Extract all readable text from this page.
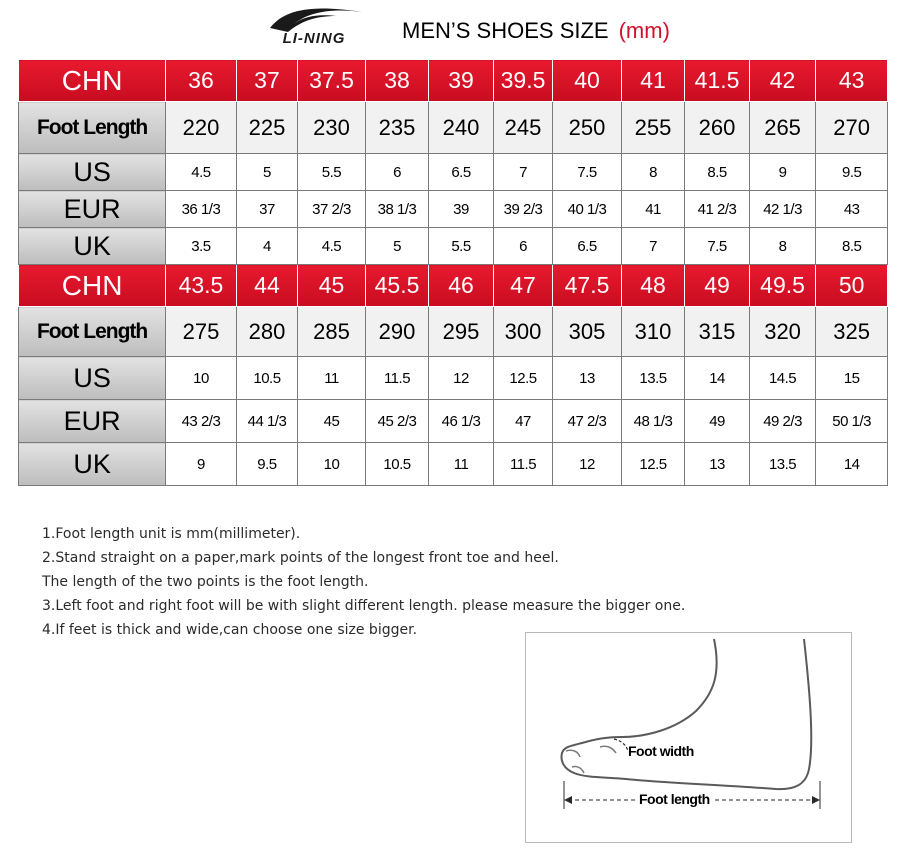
LI-NING	MEN’S SHOES SIZE (mm)
CHN	36	37	37.5	38	39	39.5	40	41	41.5	42	43
Foot Length	220	225	230	235	240	245	250	255	260	265	270
US	4.5	5	5.5	6	6.5	7	7.5	8	8.5	9	9.5
EUR	36 1/3	37	37 2/3	38 1/3	39	39 2/3	40 1/3	41	41 2/3	42 1/3	43
UK	3.5	4	4.5	5	5.5	6	6.5	7	7.5	8	8.5
CHN	43.5	44	45	45.5	46	47	47.5	48	49	49.5	50
Foot Length	275	280	285	290	295	300	305	310	315	320	325
US	10	10.5	11	11.5	12	12.5	13	13.5	14	14.5	15
EUR	43 2/3	44 1/3	45	45 2/3	46 1/3	47	47 2/3	48 1/3	49	49 2/3	50 1/3
UK	9	9.5	10	10.5	11	11.5	12	12.5	13	13.5	14
1.Foot length unit is mm(millimeter).
2.Stand straight on a paper,mark points of the longest front toe and heel.
The length of the two points is the foot length.
3.Left foot and right foot will be with slight different length. please measure the bigger one.
4.If feet is thick and wide,can choose one size bigger.
Foot width
Foot length
